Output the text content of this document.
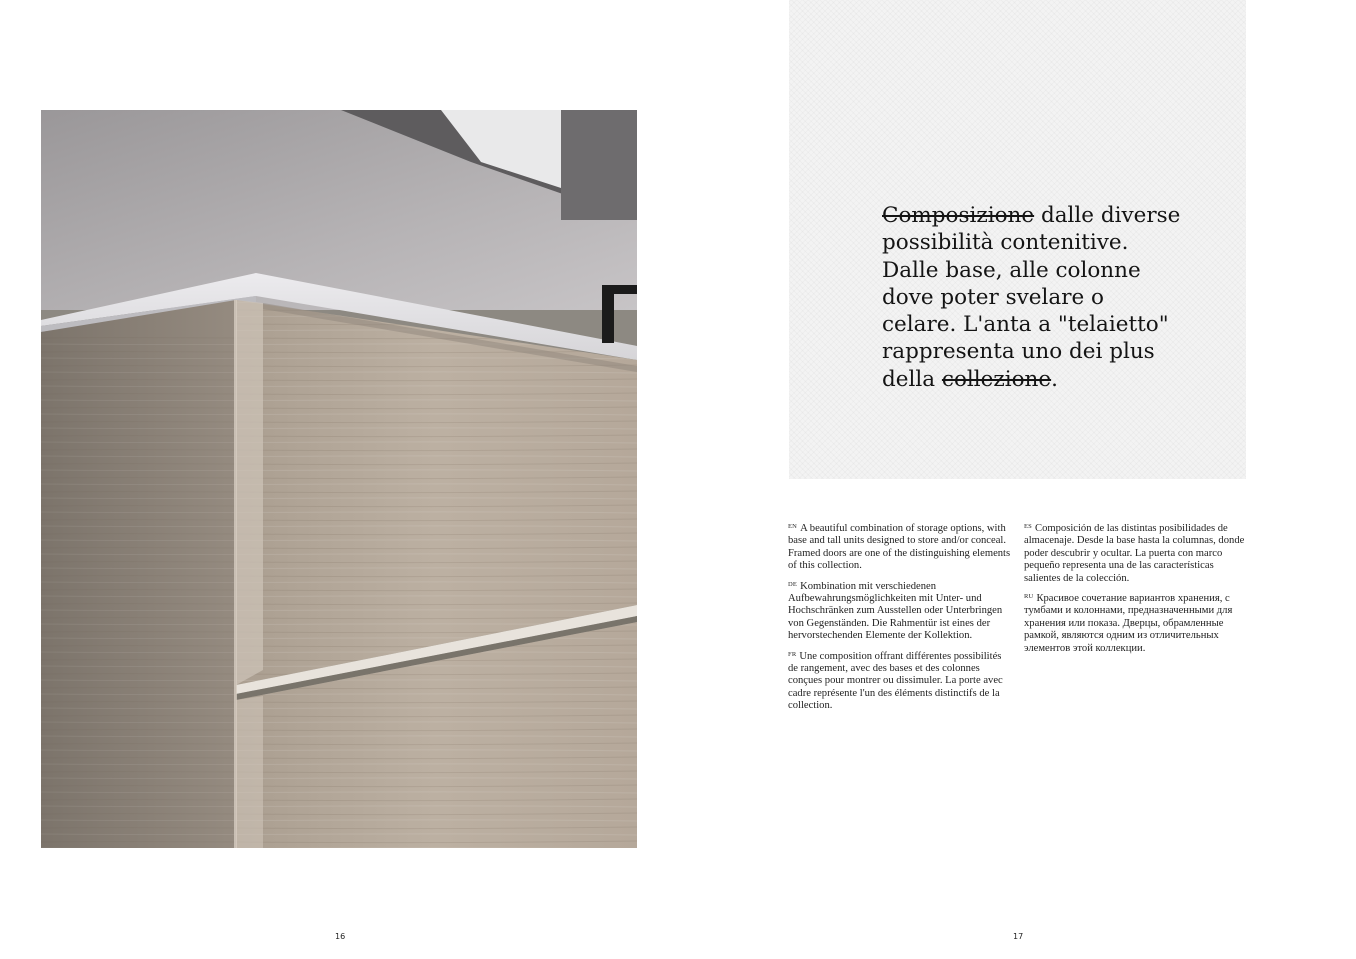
16

Composizione dalle diverse possibilità contenitive. Dalle base, alle colonne dove poter svelare o celare. L'anta a "telaietto" rappresenta uno dei plus della collezione.

$^{EN}$ A beautiful combination of storage options, with base and tall units designed to store and/or conceal. Framed doors are one of the distinguishing elements of this collection.

$^{DE}$ Kombination mit verschiedenen Aufbewahrungsmöglichkeiten mit Unter- und Hochschränken zum Ausstellen oder Unterbringen von Gegenständen. Die Rahmentür ist eines der hervorstechenden Elemente der Kollektion.

$^{FR}$ Une composition offrant différentes possibilités de rangement, avec des bases et des colonnes conçues pour montrer ou dissimuler. La porte avec cadre représente l'un des éléments distinctifs de la collection.

$^{ES}$ Composición de las distintas posibilidades de almacenaje. Desde la base hasta la columnas, donde poder descubrir y ocultar. La puerta con marco pequeño representa una de las características salientes de la colección.

$^{RU}$ Красивое сочетание вариантов хранения, с тумбами и колоннами, предназначенными для хранения или показа. Дверцы, обрамленные рамкой, являются одним из отличительных элементов этой коллекции.

17
